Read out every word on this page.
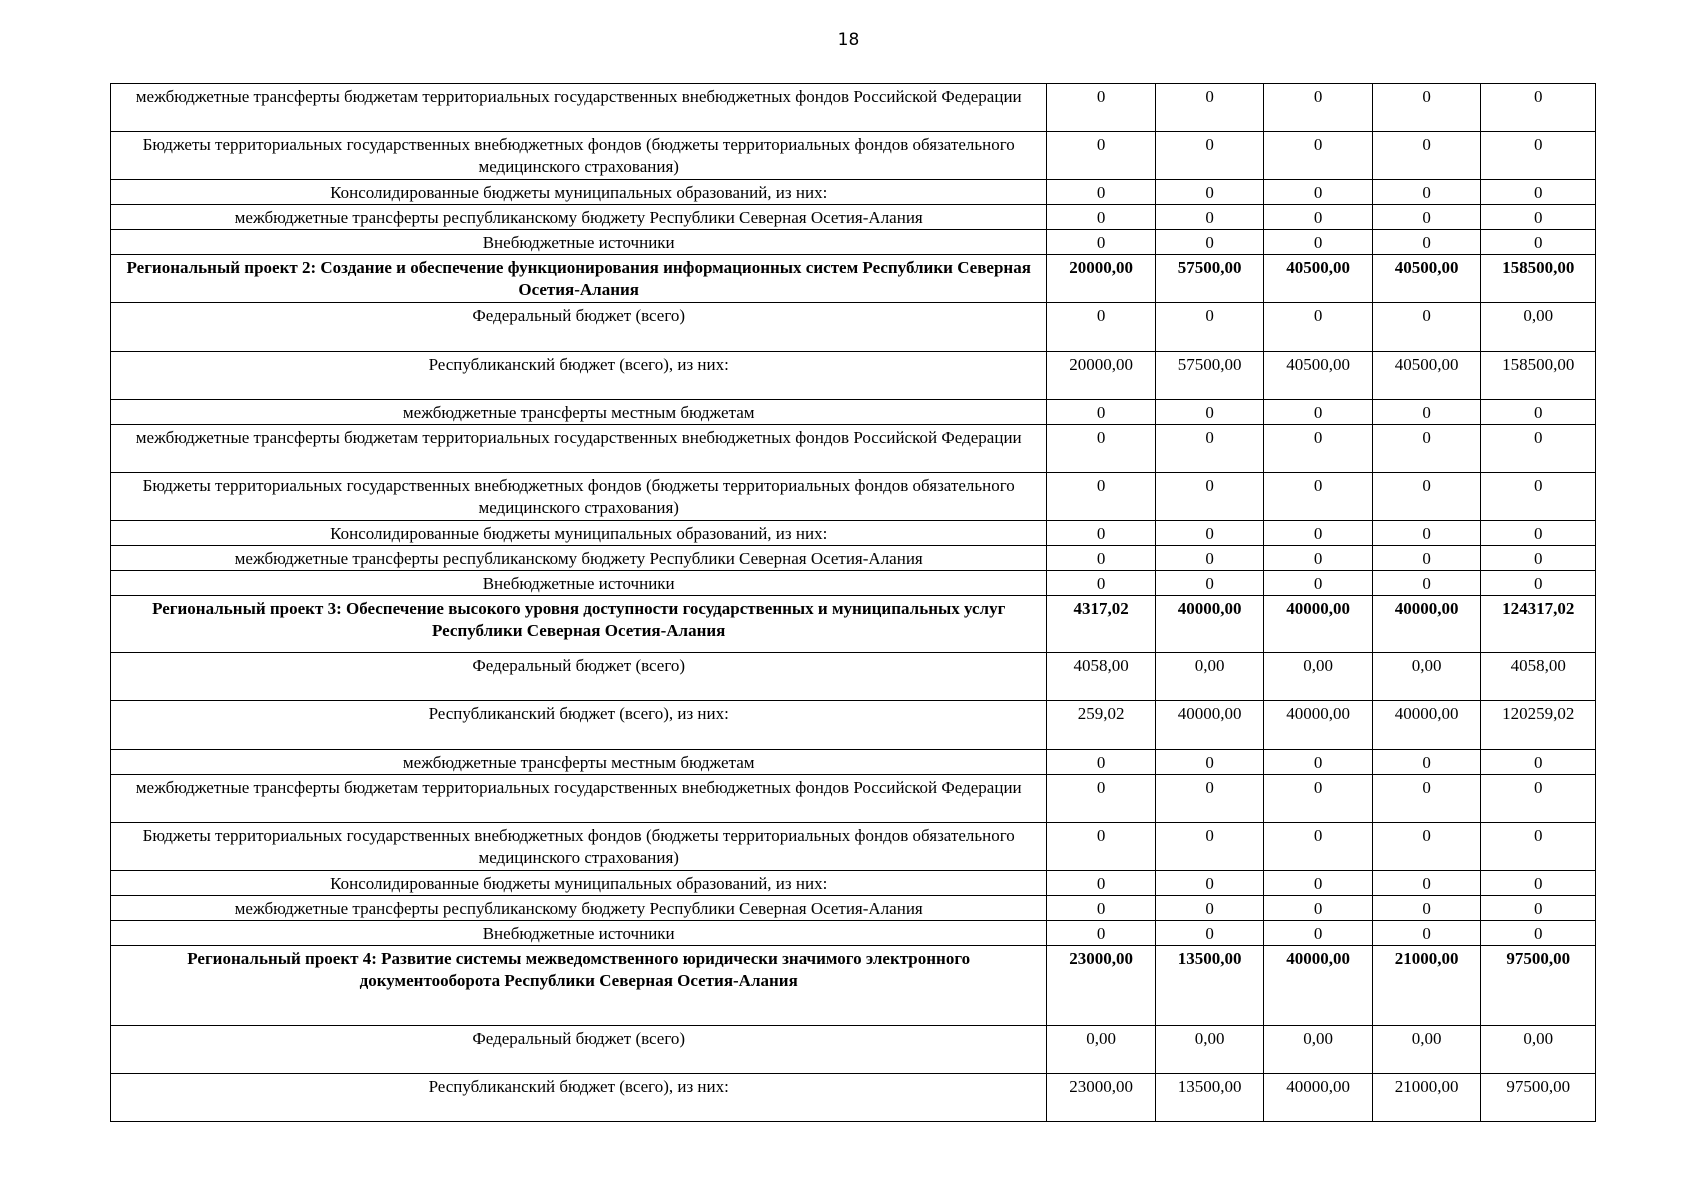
18
межбюджетные трансферты бюджетам территориальных государственных внебюджетных фондов Российской Федерации	0	0	0	0	0
Бюджеты территориальных государственных внебюджетных фондов (бюджеты территориальных фондов обязательного медицинского страхования)	0	0	0	0	0
Консолидированные бюджеты муниципальных образований, из них:	0	0	0	0	0
межбюджетные трансферты республиканскому бюджету Республики Северная Осетия-Алания	0	0	0	0	0
Внебюджетные источники	0	0	0	0	0
Региональный проект 2: Создание и обеспечение функционирования информационных систем Республики Северная Осетия-Алания	20000,00	57500,00	40500,00	40500,00	158500,00
Федеральный бюджет (всего)	0	0	0	0	0,00
Республиканский бюджет (всего), из них:	20000,00	57500,00	40500,00	40500,00	158500,00
межбюджетные трансферты местным бюджетам	0	0	0	0	0
межбюджетные трансферты бюджетам территориальных государственных внебюджетных фондов Российской Федерации	0	0	0	0	0
Бюджеты территориальных государственных внебюджетных фондов (бюджеты территориальных фондов обязательного медицинского страхования)	0	0	0	0	0
Консолидированные бюджеты муниципальных образований, из них:	0	0	0	0	0
межбюджетные трансферты республиканскому бюджету Республики Северная Осетия-Алания	0	0	0	0	0
Внебюджетные источники	0	0	0	0	0
Региональный проект 3: Обеспечение высокого уровня доступности государственных и муниципальных услуг Республики Северная Осетия-Алания	4317,02	40000,00	40000,00	40000,00	124317,02
Федеральный бюджет (всего)	4058,00	0,00	0,00	0,00	4058,00
Республиканский бюджет (всего), из них:	259,02	40000,00	40000,00	40000,00	120259,02
межбюджетные трансферты местным бюджетам	0	0	0	0	0
межбюджетные трансферты бюджетам территориальных государственных внебюджетных фондов Российской Федерации	0	0	0	0	0
Бюджеты территориальных государственных внебюджетных фондов (бюджеты территориальных фондов обязательного медицинского страхования)	0	0	0	0	0
Консолидированные бюджеты муниципальных образований, из них:	0	0	0	0	0
межбюджетные трансферты республиканскому бюджету Республики Северная Осетия-Алания	0	0	0	0	0
Внебюджетные источники	0	0	0	0	0
Региональный проект 4: Развитие системы межведомственного юридически значимого электронного документооборота Республики Северная Осетия-Алания	23000,00	13500,00	40000,00	21000,00	97500,00
Федеральный бюджет (всего)	0,00	0,00	0,00	0,00	0,00
Республиканский бюджет (всего), из них:	23000,00	13500,00	40000,00	21000,00	97500,00
